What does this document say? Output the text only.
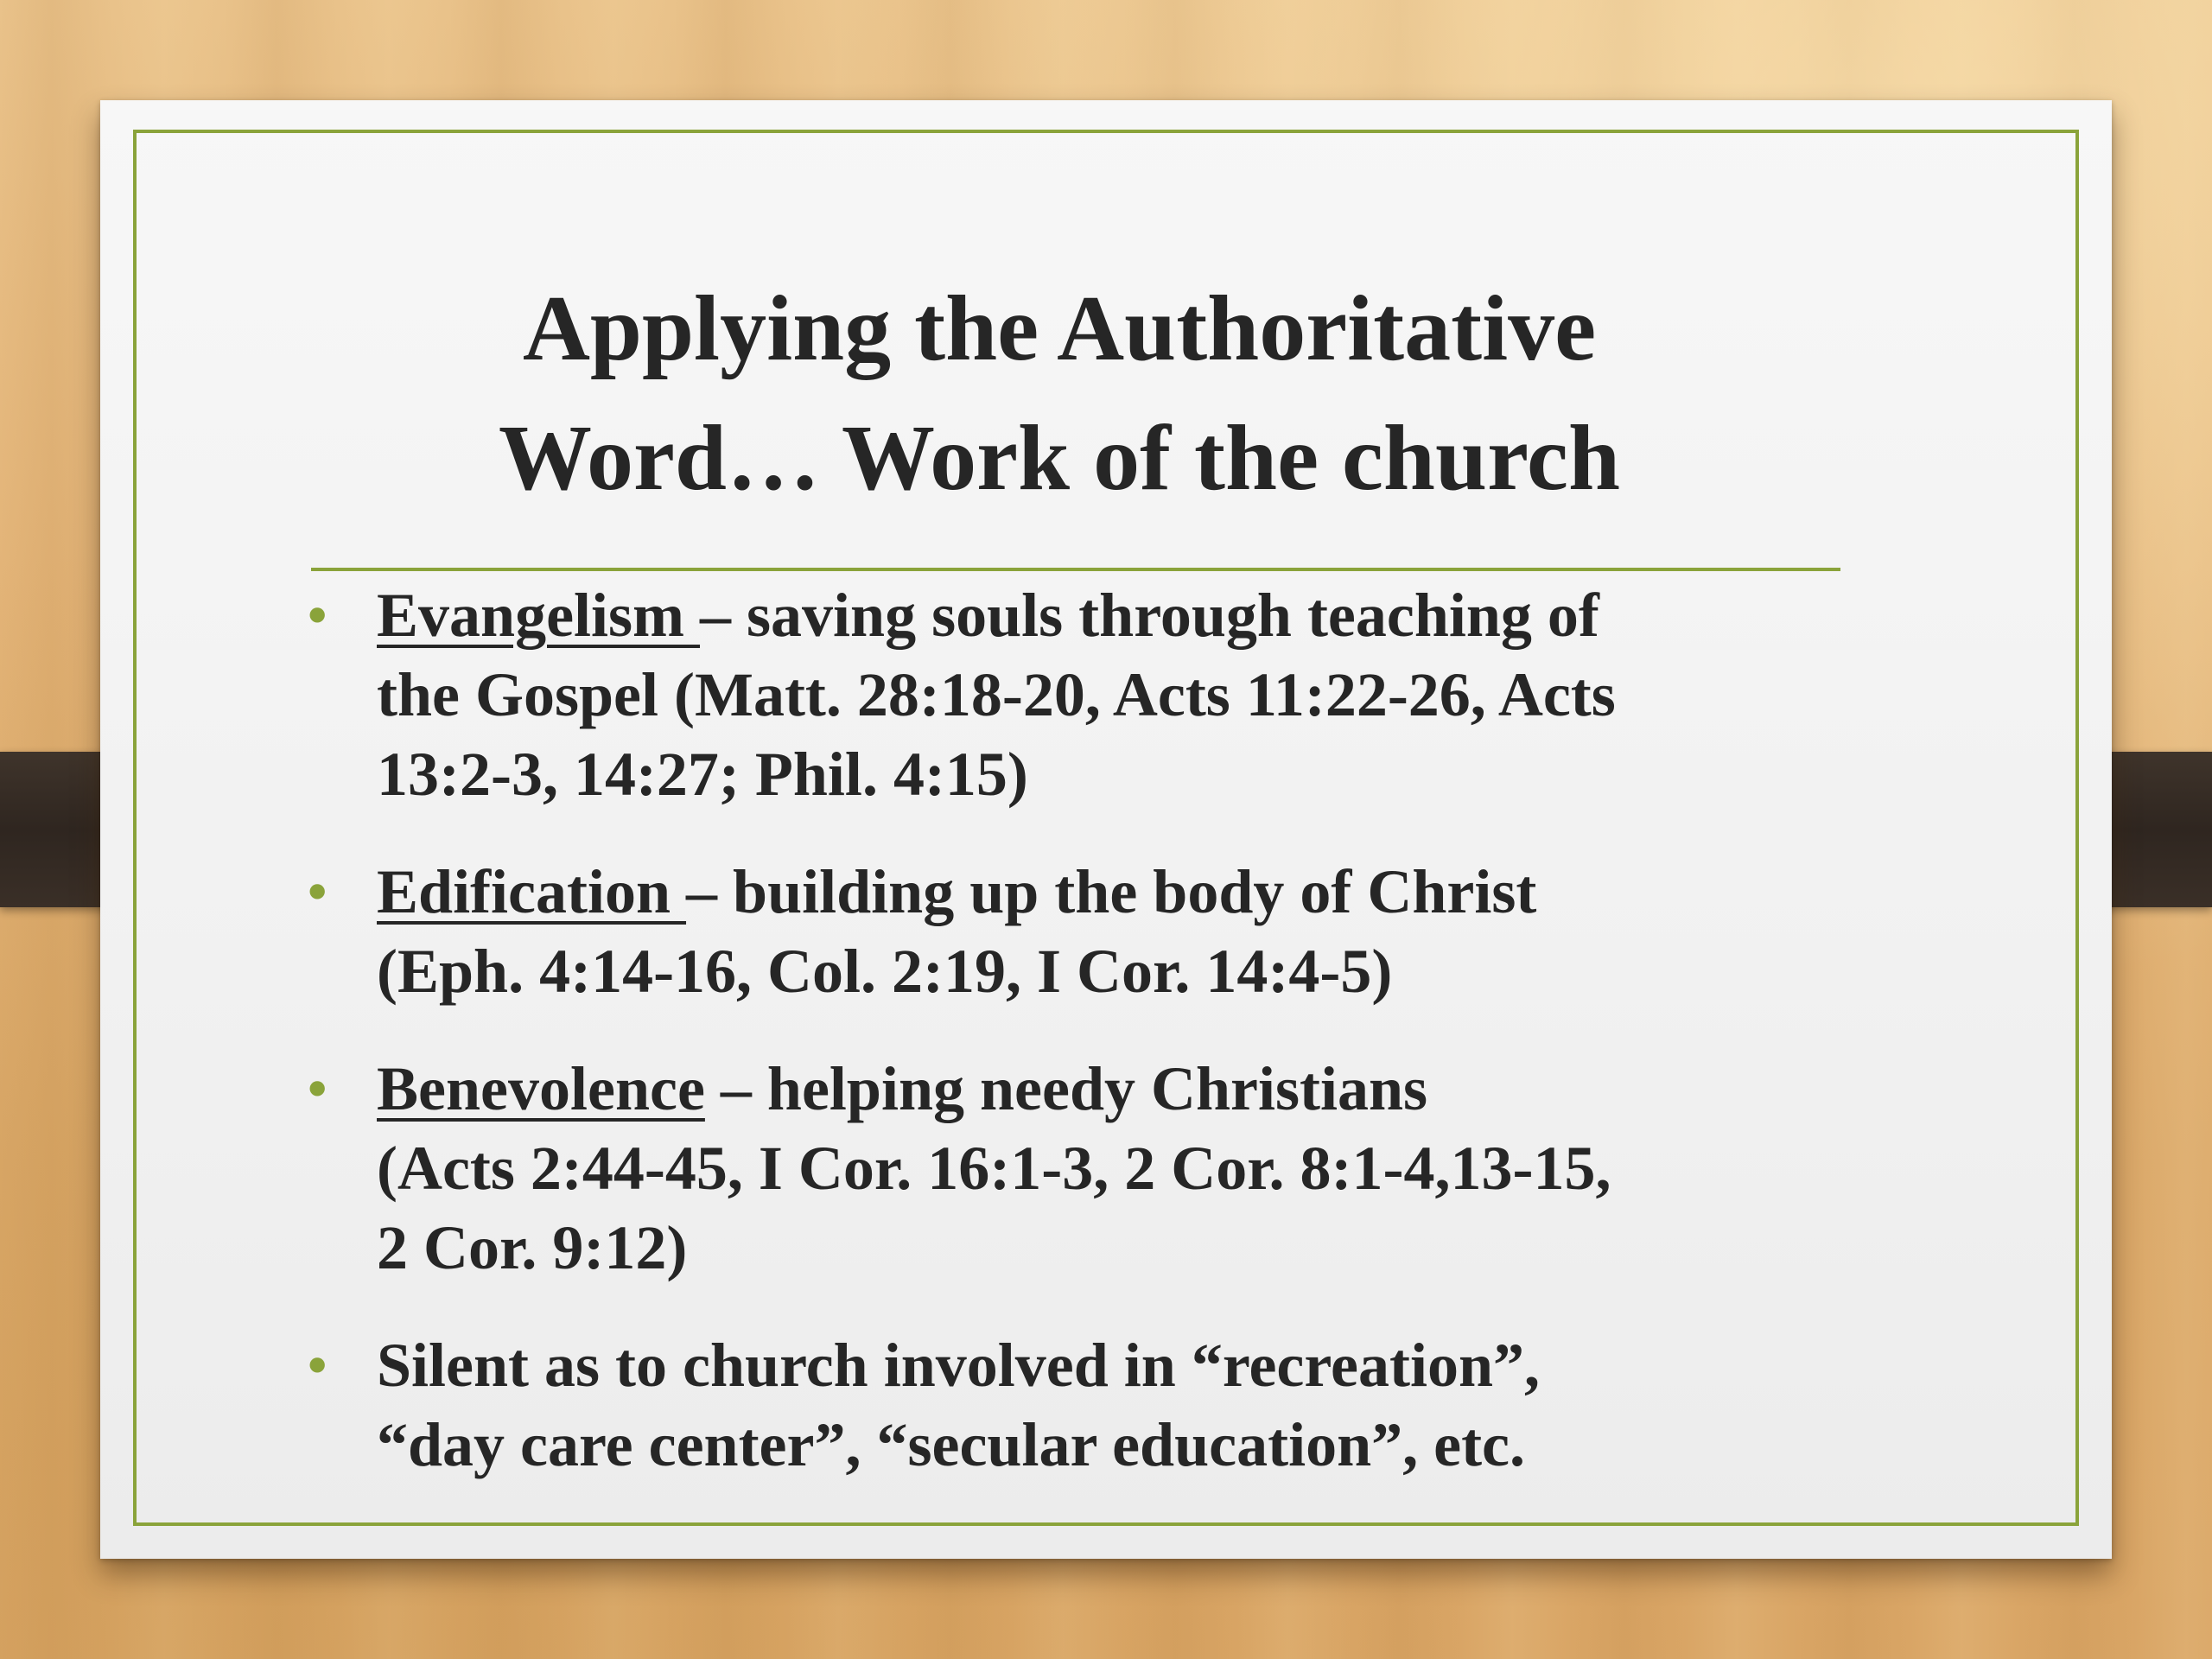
Applying the Authoritative
Word… Work of the church
• Evangelism – saving souls through teaching of
the Gospel (Matt. 28:18-20, Acts 11:22-26, Acts
13:2-3, 14:27; Phil. 4:15)
• Edification – building up the body of Christ
(Eph. 4:14-16, Col. 2:19, I Cor. 14:4-5)
• Benevolence – helping needy Christians
(Acts 2:44-45, I Cor. 16:1-3, 2 Cor. 8:1-4,13-15,
2 Cor. 9:12)
• Silent as to church involved in “recreation”,
“day care center”, “secular education”, etc.
